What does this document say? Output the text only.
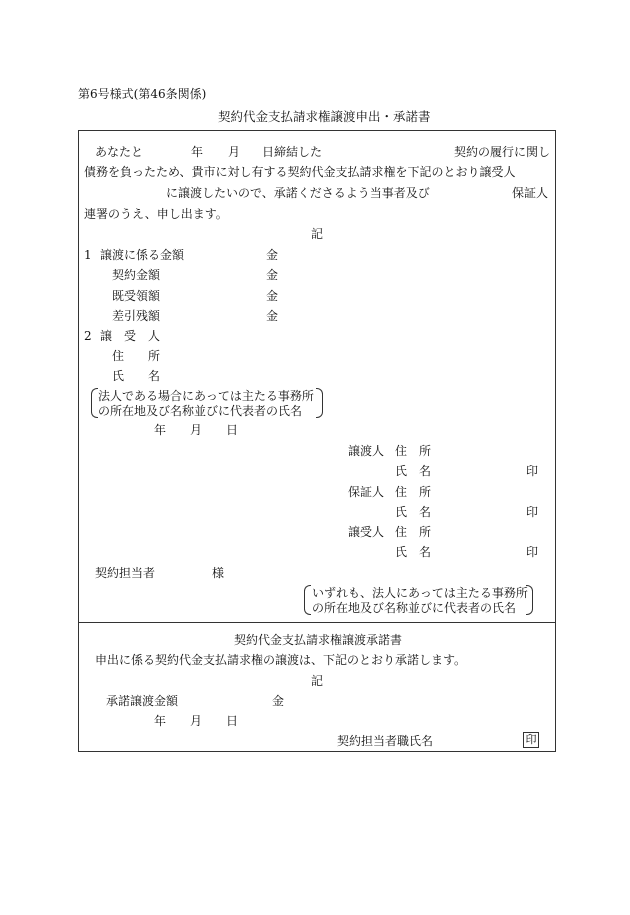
第6号様式(第46条関係)
契約代金支払請求権譲渡申出・承諾書
あなたと	年 月 日締結した	契約の履行に関し
債務を負ったため、貴市に対し有する契約代金支払請求権を下記のとおり譲受人
に譲渡したいので、承諾くださるよう当事者及び	保証人
連署のうえ、申し出ます。
記
1 譲渡に係る金額	金
契約金額	金
既受領額	金
差引残額	金
2 譲　受　人
住　　所
氏　　名
法人である場合にあっては主たる事務所
の所在地及び名称並びに代表者の氏名
年 月 日
譲渡人 住　所
氏　名	印
保証人 住　所
氏　名	印
譲受人 住　所
氏　名	印
契約担当者	様
いずれも、法人にあっては主たる事務所
の所在地及び名称並びに代表者の氏名
契約代金支払請求権譲渡承諾書
申出に係る契約代金支払請求権の譲渡は、下記のとおり承諾します。
記
承諾譲渡金額	金
年 月 日
契約担当者職氏名	印
